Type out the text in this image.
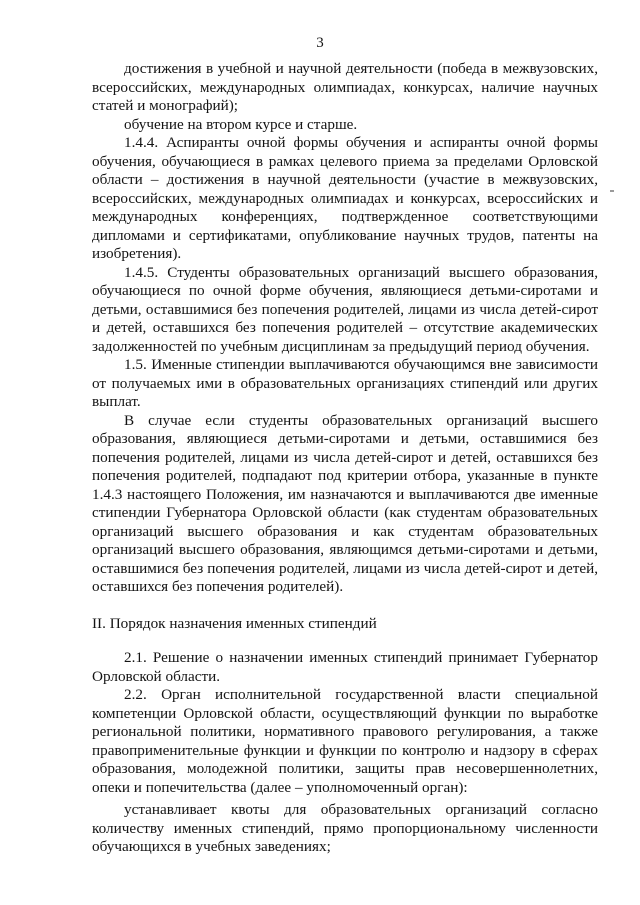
3

достижения в учебной и научной деятельности (победа в межвузовских, всероссийских, международных олимпиадах, конкурсах, наличие научных статей и монографий);

обучение на втором курсе и старше.

1.4.4. Аспиранты очной формы обучения и аспиранты очной формы обучения, обучающиеся в рамках целевого приема за пределами Орловской области – достижения в научной деятельности (участие в межвузовских, всероссийских, международных олимпиадах и конкурсах, всероссийских и международных конференциях, подтвержденное соответствующими дипломами и сертификатами, опубликование научных трудов, патенты на изобретения).

1.4.5. Студенты образовательных организаций высшего образования, обучающиеся по очной форме обучения, являющиеся детьми-сиротами и детьми, оставшимися без попечения родителей, лицами из числа детей-сирот и детей, оставшихся без попечения родителей – отсутствие академических задолженностей по учебным дисциплинам за предыдущий период обучения.

1.5. Именные стипендии выплачиваются обучающимся вне зависимости от получаемых ими в образовательных организациях стипендий или других выплат.

В случае если студенты образовательных организаций высшего образования, являющиеся детьми-сиротами и детьми, оставшимися без попечения родителей, лицами из числа детей-сирот и детей, оставшихся без попечения родителей, подпадают под критерии отбора, указанные в пункте 1.4.3 настоящего Положения, им назначаются и выплачиваются две именные стипендии Губернатора Орловской области (как студентам образовательных организаций высшего образования и как студентам образовательных организаций высшего образования, являющимся детьми-сиротами и детьми, оставшимися без попечения родителей, лицами из числа детей-сирот и детей, оставшихся без попечения родителей).

II. Порядок назначения именных стипендий

2.1. Решение о назначении именных стипендий принимает Губернатор Орловской области.

2.2. Орган исполнительной государственной власти специальной компетенции Орловской области, осуществляющий функции по выработке региональной политики, нормативного правового регулирования, а также правоприменительные функции и функции по контролю и надзору в сферах образования, молодежной политики, защиты прав несовершеннолетних, опеки и попечительства (далее – уполномоченный орган):

устанавливает квоты для образовательных организаций согласно количеству именных стипендий, прямо пропорциональному численности обучающихся в учебных заведениях;
